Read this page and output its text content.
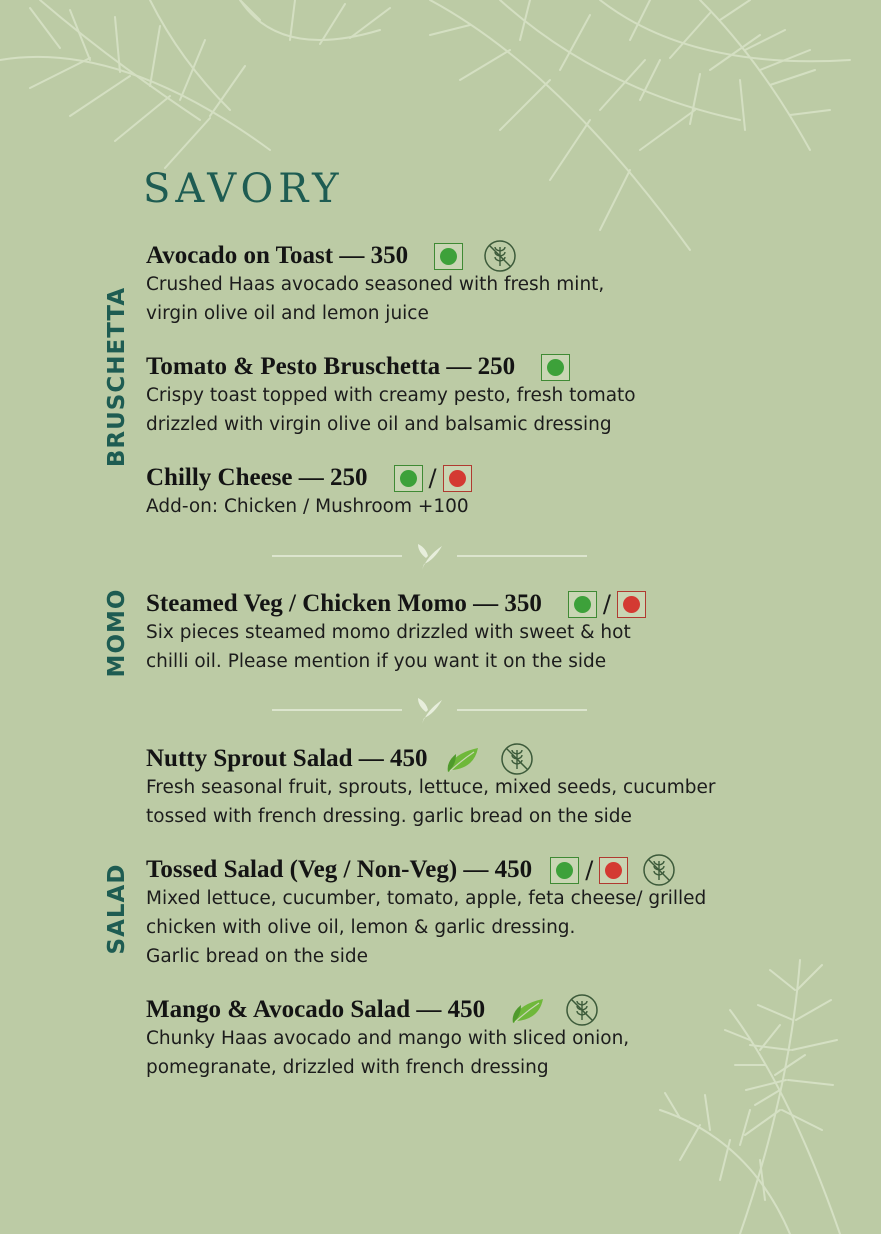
SAVORY
BRUSCHETTA
MOMO
SALAD
Avocado on Toast — 350
Crushed Haas avocado seasoned with fresh mint,
virgin olive oil and lemon juice
Tomato & Pesto Bruschetta — 250
Crispy toast topped with creamy pesto, fresh tomato
drizzled with virgin olive oil and balsamic dressing
Chilly Cheese — 250	/
Add-on: Chicken / Mushroom +100
Steamed Veg / Chicken Momo — 350	/
Six pieces steamed momo drizzled with sweet & hot
chilli oil. Please mention if you want it on the side
Nutty Sprout Salad — 450
Fresh seasonal fruit, sprouts, lettuce, mixed seeds, cucumber
tossed with french dressing. garlic bread on the side
Tossed Salad (Veg / Non-Veg) — 450 /
Mixed lettuce, cucumber, tomato, apple, feta cheese/ grilled
chicken with olive oil, lemon & garlic dressing.
Garlic bread on the side
Mango & Avocado Salad — 450
Chunky Haas avocado and mango with sliced onion,
pomegranate, drizzled with french dressing
